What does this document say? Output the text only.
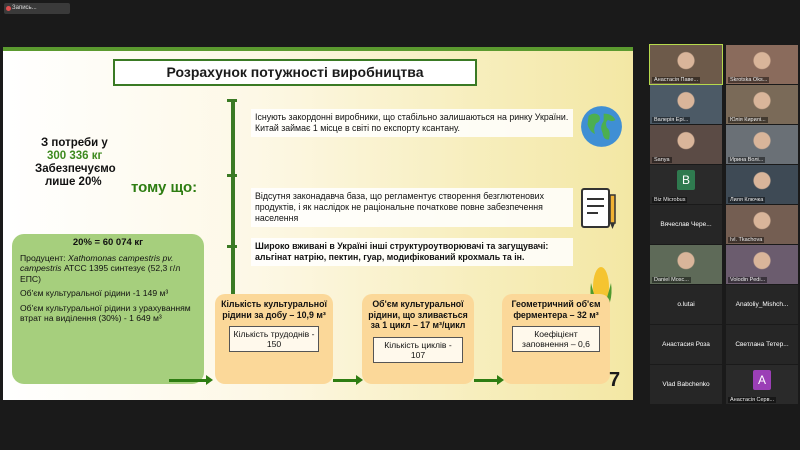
Запись...
Розрахунок потужності виробництва
З потреби у
300 336 кг
Забезпечуємо
лише 20%	тому що:
Існують закордонні виробники, що стабільно залишаються на ринку України. Китай займає 1 місце в світі по експорту ксантану.
Відсутня законадавча база, що регламентує створення безглютенових продуктів, і як наслідок не раціональне початкове повне забезпечення населення
Широко вживані в Україні інші структуроутворювачі та загущувачі: альгінат натрію, пектин, гуар, модифікований крохмаль та ін.
20% = 60 074 кг
Продуцент: Xathomonas campestris pv. campestris АТСС 1395 синтезує (52,3 г/л ЕПС)
Об'єм культуральної рідини -1 149 м³
Об'єм культуральної рідини з урахуванням втрат на виділення (30%) - 1 649 м³
Кількість культуральної рідини за добу – 10,9 м³
Кількість трудоднів - 150
Об'єм культуральної рідини, що зливається за 1 цикл – 17 м³/цикл
Кількість циклів - 107
Геометричний об'єм ферментера – 32 м³
Коефіцієнт заповнення – 0,6
7
Анастасія Паве...	Skrotska Oks...
Валерія Ері...	Юлія Кирилі...
Sanya	Ирина Волі...
B
Biz Microbus	Лиля Ключка
Вячеслав Чере...
Ivl. Tkachova
Daniel Mosc...	Volodin Pedi...
o.lutai	Anatoliy_Mishch...
Анастасия Роза	Светлана Тетер...
Vlad Babchenko	A
Анастасія Серв...
